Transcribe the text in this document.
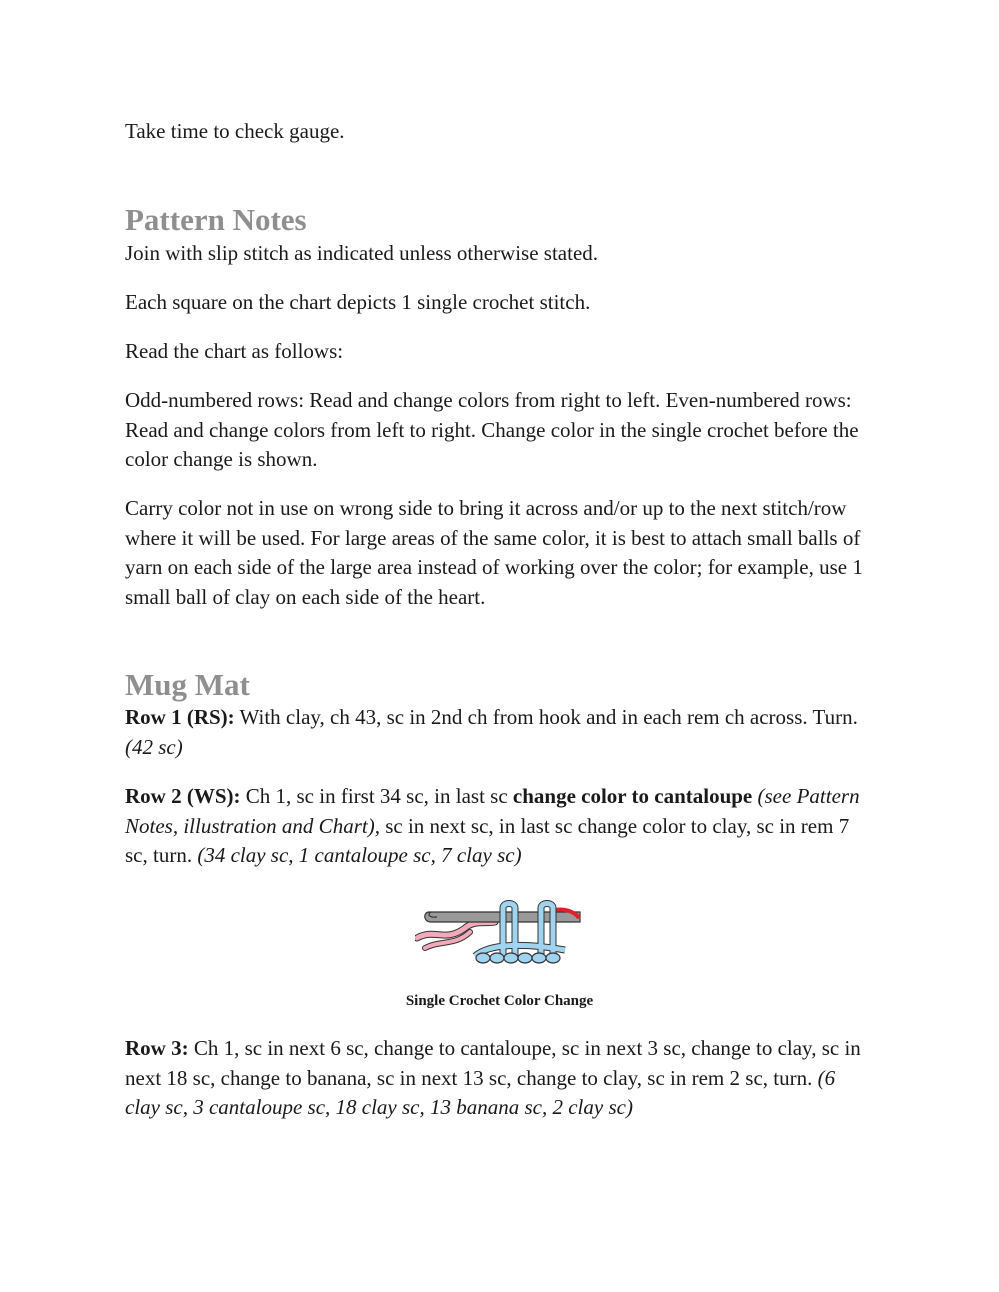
Take time to check gauge.

Pattern Notes

Join with slip stitch as indicated unless otherwise stated.

Each square on the chart depicts 1 single crochet stitch.

Read the chart as follows:

Odd-numbered rows: Read and change colors from right to left. Even-numbered rows: Read and change colors from left to right. Change color in the single crochet before the color change is shown.

Carry color not in use on wrong side to bring it across and/or up to the next stitch/row where it will be used. For large areas of the same color, it is best to attach small balls of yarn on each side of the large area instead of working over the color; for example, use 1 small ball of clay on each side of the heart.

Mug Mat

Row 1 (RS): With clay, ch 43, sc in 2nd ch from hook and in each rem ch across. Turn. (42 sc)

Row 2 (WS): Ch 1, sc in first 34 sc, in last sc change color to cantaloupe (see Pattern Notes, illustration and Chart), sc in next sc, in last sc change color to clay, sc in rem 7 sc, turn. (34 clay sc, 1 cantaloupe sc, 7 clay sc)

Row 3: Ch 1, sc in next 6 sc, change to cantaloupe, sc in next 3 sc, change to clay, sc in next 18 sc, change to banana, sc in next 13 sc, change to clay, sc in rem 2 sc, turn. (6 clay sc, 3 cantaloupe sc, 18 clay sc, 13 banana sc, 2 clay sc)

Single Crochet Color Change
